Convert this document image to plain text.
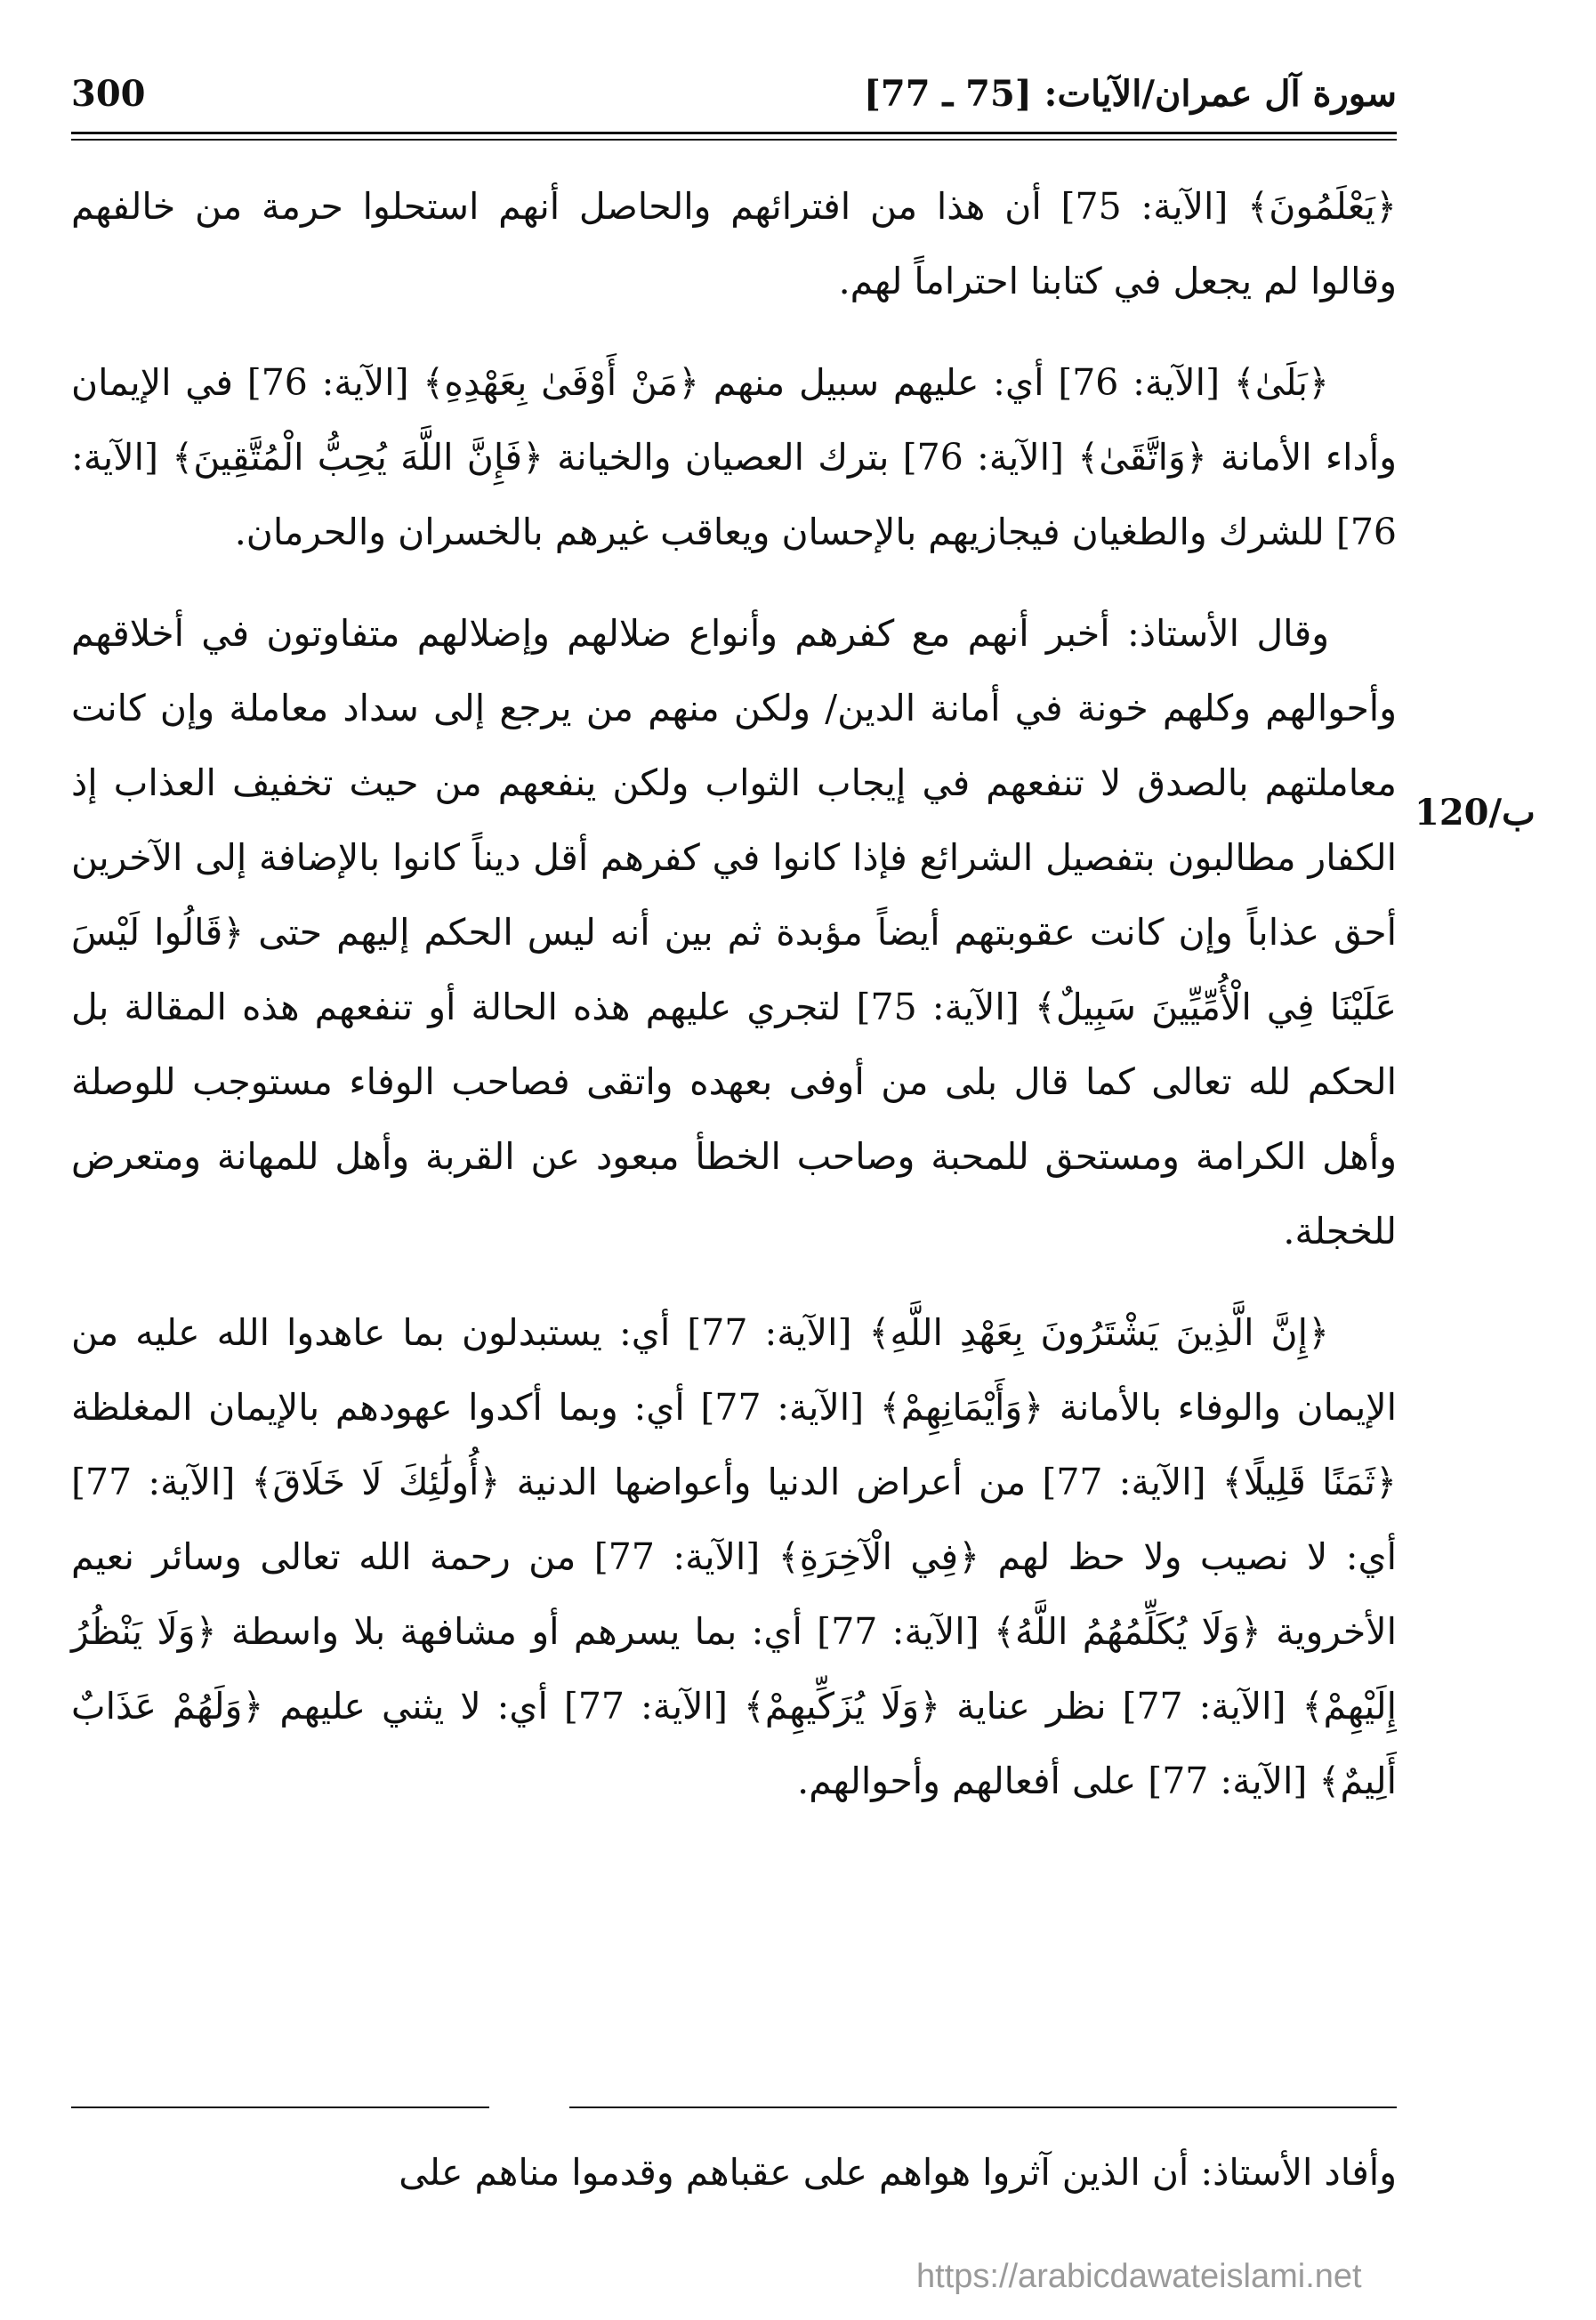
سورة آل عمران/الآيات: [75 ـ 77]
300
120/ب

﴿يَعْلَمُونَ﴾ [الآية: 75] أن هذا من افترائهم والحاصل أنهم استحلوا حرمة من خالفهم وقالوا لم يجعل في كتابنا احتراماً لهم.

﴿بَلَىٰ﴾ [الآية: 76] أي: عليهم سبيل منهم ﴿مَنْ أَوْفَىٰ بِعَهْدِهِ﴾ [الآية: 76] في الإيمان وأداء الأمانة ﴿وَاتَّقَىٰ﴾ [الآية: 76] بترك العصيان والخيانة ﴿فَإِنَّ اللَّهَ يُحِبُّ الْمُتَّقِينَ﴾ [الآية: 76] للشرك والطغيان فيجازيهم بالإحسان ويعاقب غيرهم بالخسران والحرمان.

وقال الأستاذ: أخبر أنهم مع كفرهم وأنواع ضلالهم وإضلالهم متفاوتون في أخلاقهم وأحوالهم وكلهم خونة في أمانة الدين/ ولكن منهم من يرجع إلى سداد معاملة وإن كانت معاملتهم بالصدق لا تنفعهم في إيجاب الثواب ولكن ينفعهم من حيث تخفيف العذاب إذ الكفار مطالبون بتفصيل الشرائع فإذا كانوا في كفرهم أقل ديناً كانوا بالإضافة إلى الآخرين أحق عذاباً وإن كانت عقوبتهم أيضاً مؤبدة ثم بين أنه ليس الحكم إليهم حتى ﴿قَالُوا لَيْسَ عَلَيْنَا فِي الْأُمِّيِّينَ سَبِيلٌ﴾ [الآية: 75] لتجري عليهم هذه الحالة أو تنفعهم هذه المقالة بل الحكم لله تعالى كما قال بلى من أوفى بعهده واتقى فصاحب الوفاء مستوجب للوصلة وأهل الكرامة ومستحق للمحبة وصاحب الخطأ مبعود عن القربة وأهل للمهانة ومتعرض للخجلة.

﴿إِنَّ الَّذِينَ يَشْتَرُونَ بِعَهْدِ اللَّهِ﴾ [الآية: 77] أي: يستبدلون بما عاهدوا الله عليه من الإيمان والوفاء بالأمانة ﴿وَأَيْمَانِهِمْ﴾ [الآية: 77] أي: وبما أكدوا عهودهم بالإيمان المغلظة ﴿ثَمَنًا قَلِيلًا﴾ [الآية: 77] من أعراض الدنيا وأعواضها الدنية ﴿أُولَٰئِكَ لَا خَلَاقَ﴾ [الآية: 77] أي: لا نصيب ولا حظ لهم ﴿فِي الْآخِرَةِ﴾ [الآية: 77] من رحمة الله تعالى وسائر نعيم الأخروية ﴿وَلَا يُكَلِّمُهُمُ اللَّهُ﴾ [الآية: 77] أي: بما يسرهم أو مشافهة بلا واسطة ﴿وَلَا يَنْظُرُ إِلَيْهِمْ﴾ [الآية: 77] نظر عناية ﴿وَلَا يُزَكِّيهِمْ﴾ [الآية: 77] أي: لا يثني عليهم ﴿وَلَهُمْ عَذَابٌ أَلِيمٌ﴾ [الآية: 77] على أفعالهم وأحوالهم.

وأفاد الأستاذ: أن الذين آثروا هواهم على عقباهم وقدموا مناهم على
https://arabicdawateislami.net
